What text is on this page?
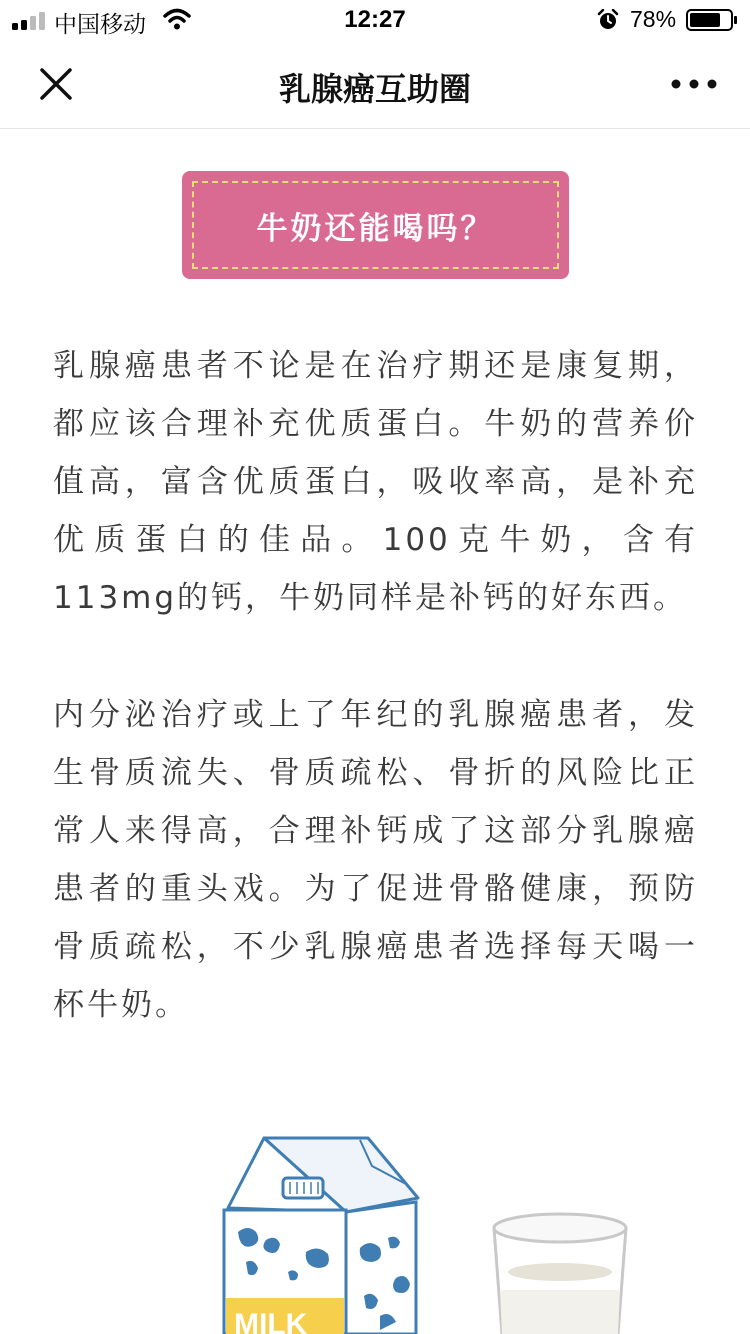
中国移动	12:27	78%
乳腺癌互助圈
牛奶还能喝吗？

乳腺癌患者不论是在治疗期还是康复期，都应该合理补充优质蛋白。牛奶的营养价值高，富含优质蛋白，吸收率高，是补充优质蛋白的佳品。100克牛奶，含有113mg的钙，牛奶同样是补钙的好东西。

内分泌治疗或上了年纪的乳腺癌患者，发生骨质流失、骨质疏松、骨折的风险比正常人来得高，合理补钙成了这部分乳腺癌患者的重头戏。为了促进骨骼健康，预防骨质疏松，不少乳腺癌患者选择每天喝一杯牛奶。

MILK
